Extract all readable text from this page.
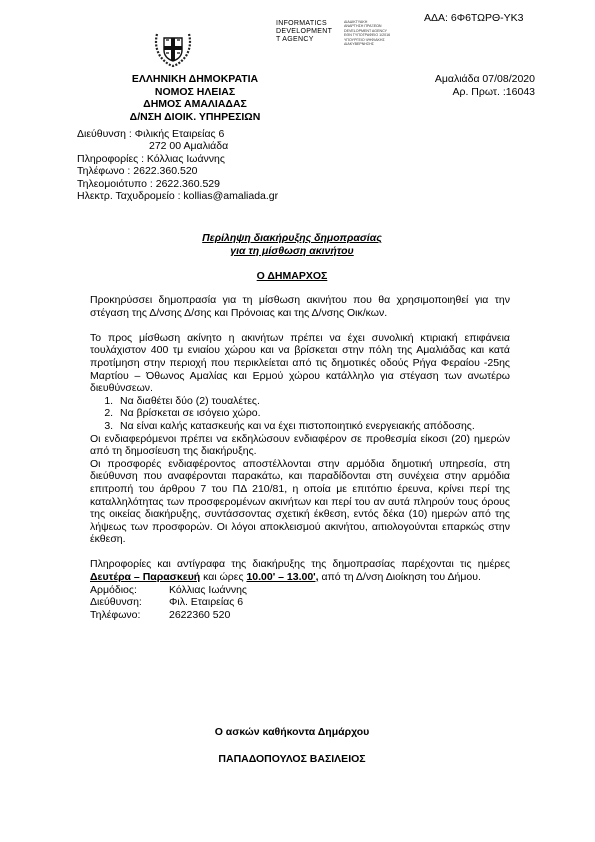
ΑΔΑ: 6Φ6ΤΩΡΘ-ΥΚ3
INFORMATICS
DEVELOPMENT
T AGENCY
ΔΙΑΔΙΚΤΥΑΚΗ
ΑΝΑΡΤΗΣΗ ΠΡΑΞΕΩΝ
DEVELOPMENT AGENCY
ΕΘΝ ΤΥΠΟΓΡΑΦΕΙΟ 1/2016
ΥΠΟΥΡΓΕΙΟ ΨΗΦΙΑΚΗΣ
ΔΙΑΚΥΒΕΡΝΗΣΗΣ
ΕΛΛΗΝΙΚΗ ΔΗΜΟΚΡΑΤΙΑ
ΝΟΜΟΣ ΗΛΕΙΑΣ
ΔΗΜΟΣ ΑΜΑΛΙΑΔΑΣ
Δ/ΝΣΗ ΔΙΟΙΚ. ΥΠΗΡΕΣΙΩΝ
Αμαλιάδα 07/08/2020
Αρ. Πρωτ. :16043
Διεύθυνση : Φιλικής Εταιρείας 6
272 00 Αμαλιάδα
Πληροφορίες : Κόλλιας Ιωάννης
Τηλέφωνο : 2622.360.520
Τηλεομοιότυπο : 2622.360.529
Ηλεκτρ. Ταχυδρομείο : kollias@amaliada.gr
Περίληψη διακήρυξης δημοπρασίας
για τη μίσθωση ακινήτου
Ο ΔΗΜΑΡΧΟΣ

Προκηρύσσει δημοπρασία για τη μίσθωση ακινήτου που θα χρησιμοποιηθεί για την στέγαση της Δ/νσης Δ/σης και Πρόνοιας και της Δ/νσης Οικ/κων.

Το προς μίσθωση ακίνητο η ακινήτων πρέπει να έχει συνολική κτιριακή επιφάνεια τουλάχιστον 400 τμ ενιαίου χώρου και να βρίσκεται στην πόλη της Αμαλιάδας και κατά προτίμηση στην περιοχή που περικλείεται από τις δημοτικές οδούς Ρήγα Φεραίου -25ης Μαρτίου – Όθωνος Αμαλίας και Ερμού χώρου κατάλληλο για στέγαση των ανωτέρω διευθύνσεων.

1. Να διαθέτει δύο (2) τουαλέτες.
2. Να βρίσκεται σε ισόγειο χώρο.
3. Να είναι καλής κατασκευής και να έχει πιστοποιητικό ενεργειακής απόδοσης.

Οι ενδιαφερόμενοι πρέπει να εκδηλώσουν ενδιαφέρον σε προθεσμία είκοσι (20) ημερών από τη δημοσίευση της διακήρυξης.

Οι προσφορές ενδιαφέροντος αποστέλλονται στην αρμόδια δημοτική υπηρεσία, στη διεύθυνση που αναφέρονται παρακάτω, και παραδίδονται στη συνέχεια στην αρμόδια επιτροπή του άρθρου 7 του ΠΔ 210/81, η οποία με επιτόπιο έρευνα, κρίνει περί της καταλληλότητας των προσφερομένων ακινήτων και περί του αν αυτά πληρούν τους όρους της οικείας διακήρυξης, συντάσσοντας σχετική έκθεση, εντός δέκα (10) ημερών από της λήψεως των προσφορών. Οι λόγοι αποκλεισμού ακινήτου, αιτιολογούνται επαρκώς στην έκθεση.

Πληροφορίες και αντίγραφα της διακήρυξης της δημοπρασίας παρέχονται τις ημέρες Δευτέρα – Παρασκευή και ώρες 10.00' – 13.00', από τη Δ/νση Διοίκηση του Δήμου.

Αρμόδιος:	Κόλλιας Ιωάννης
Διεύθυνση:	Φιλ. Εταιρείας 6
Τηλέφωνο:	2622360 520
Ο ασκών καθήκοντα Δημάρχου
ΠΑΠΑΔΟΠΟΥΛΟΣ ΒΑΣΙΛΕΙΟΣ
